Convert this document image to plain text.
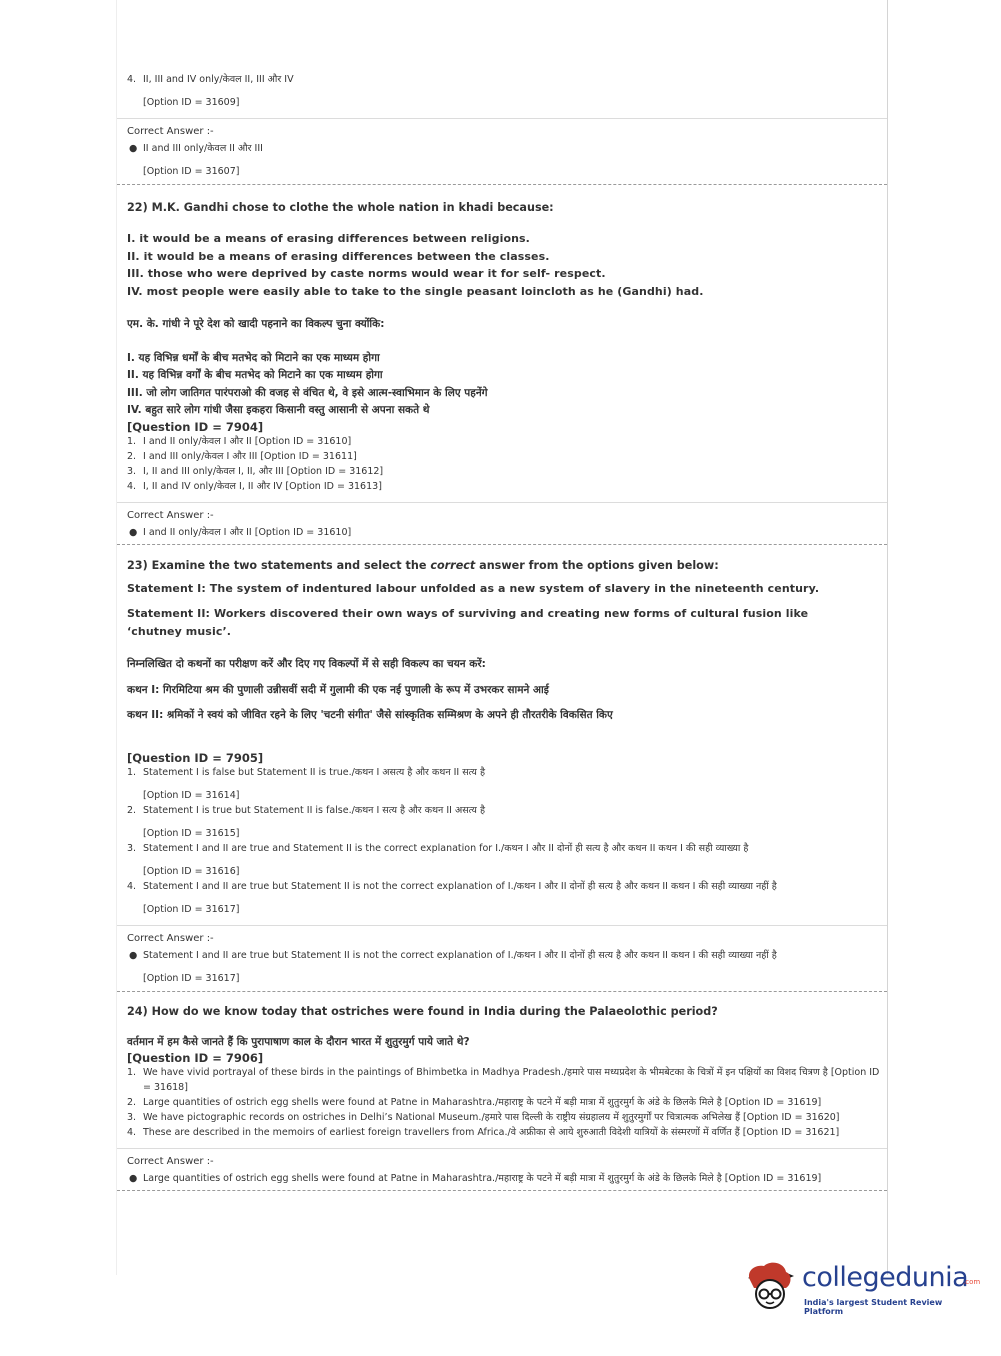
4. II, III and IV only/केवल II, III और IV
[Option ID = 31609]
Correct Answer :-
● II and III only/केवल II और III
[Option ID = 31607]
22) M.K. Gandhi chose to clothe the whole nation in khadi because:
I. it would be a means of erasing differences between religions.
II. it would be a means of erasing differences between the classes.
III. those who were deprived by caste norms would wear it for self- respect.
IV. most people were easily able to take to the single peasant loincloth as he (Gandhi) had.
एम. के. गांधी ने पूरे देश को खादी पहनाने का विकल्प चुना क्योंकि:
I. यह विभिन्न धर्मों के बीच मतभेद को मिटाने का एक माध्यम होगा
II. यह विभिन्न वर्गों के बीच मतभेद को मिटाने का एक माध्यम होगा
III. जो लोग जातिगत पारंपराओ की वजह से वंचित थे, वे इसे आत्म-स्वाभिमान के लिए पहनेंगे
IV. बहुत सारे लोग गांधी जैसा इकहरा किसानी वस्तु आसानी से अपना सकते थे
[Question ID = 7904]
1. I and II only/केवल I और II [Option ID = 31610]
2. I and III only/केवल I और III [Option ID = 31611]
3. I, II and III only/केवल I, II, और III [Option ID = 31612]
4. I, II and IV only/केवल I, II और IV [Option ID = 31613]
Correct Answer :-
● I and II only/केवल I और II [Option ID = 31610]
23) Examine the two statements and select the correct answer from the options given below:
Statement I: The system of indentured labour unfolded as a new system of slavery in the nineteenth century.
Statement II: Workers discovered their own ways of surviving and creating new forms of cultural fusion like ‘chutney music’.
निम्नलिखित दो कथनों का परीक्षण करें और दिए गए विकल्पों में से सही विकल्प का चयन करें:
कथन I: गिरमिटिया श्रम की पुणाली उन्नीसवीं सदी में गुलामी की एक नई पुणाली के रूप में उभरकर सामने आई
कथन II: श्रमिकों ने स्वयं को जीवित रहने के लिए 'चटनी संगीत' जैसे सांस्कृतिक सम्मिश्रण के अपने ही तौरतरीके विकसित किए
[Question ID = 7905]
1. Statement I is false but Statement II is true./कथन I असत्य है और कथन II सत्य है
[Option ID = 31614]
2. Statement I is true but Statement II is false./कथन I सत्य है और कथन II असत्य है
[Option ID = 31615]
3. Statement I and II are true and Statement II is the correct explanation for I./कथन I और II दोनों ही सत्य है और कथन II कथन I की सही व्याख्या है
[Option ID = 31616]
4. Statement I and II are true but Statement II is not the correct explanation of I./कथन I और II दोनों ही सत्य है और कथन II कथन I की सही व्याख्या नहीं है
[Option ID = 31617]
Correct Answer :-
● Statement I and II are true but Statement II is not the correct explanation of I./कथन I और II दोनों ही सत्य है और कथन II कथन I की सही व्याख्या नहीं है
[Option ID = 31617]
24) How do we know today that ostriches were found in India during the Palaeolothic period?
वर्तमान में हम कैसे जानते हैं कि पुरापाषाण काल के दौरान भारत में शुतुरमुर्ग पाये जाते थे?
[Question ID = 7906]
1. We have vivid portrayal of these birds in the paintings of Bhimbetka in Madhya Pradesh./हमारे पास मध्यप्रदेश के भीमबेटका के चित्रों में इन पक्षियों का विशद चित्रण है [Option ID = 31618]
2. Large quantities of ostrich egg shells were found at Patne in Maharashtra./महाराष्ट्र के पटने में बड़ी मात्रा में शुतुरमुर्ग के अंडे के छिलके मिले है [Option ID = 31619]
3. We have pictographic records on ostriches in Delhi’s National Museum./हमारे पास दिल्ली के राष्ट्रीय संग्रहालय में शुतुरमुर्गों पर चित्रात्मक अभिलेख हैं [Option ID = 31620]
4. These are described in the memoirs of earliest foreign travellers from Africa./वे अफ्रीका से आये शुरुआती विदेशी यात्रियों के संस्मरणों में वर्णित हैं [Option ID = 31621]
Correct Answer :-
● Large quantities of ostrich egg shells were found at Patne in Maharashtra./महाराष्ट्र के पटने में बड़ी मात्रा में शुतुरमुर्ग के अंडे के छिलके मिले है [Option ID = 31619]
collegedunia
.com
India's largest Student Review Platform
